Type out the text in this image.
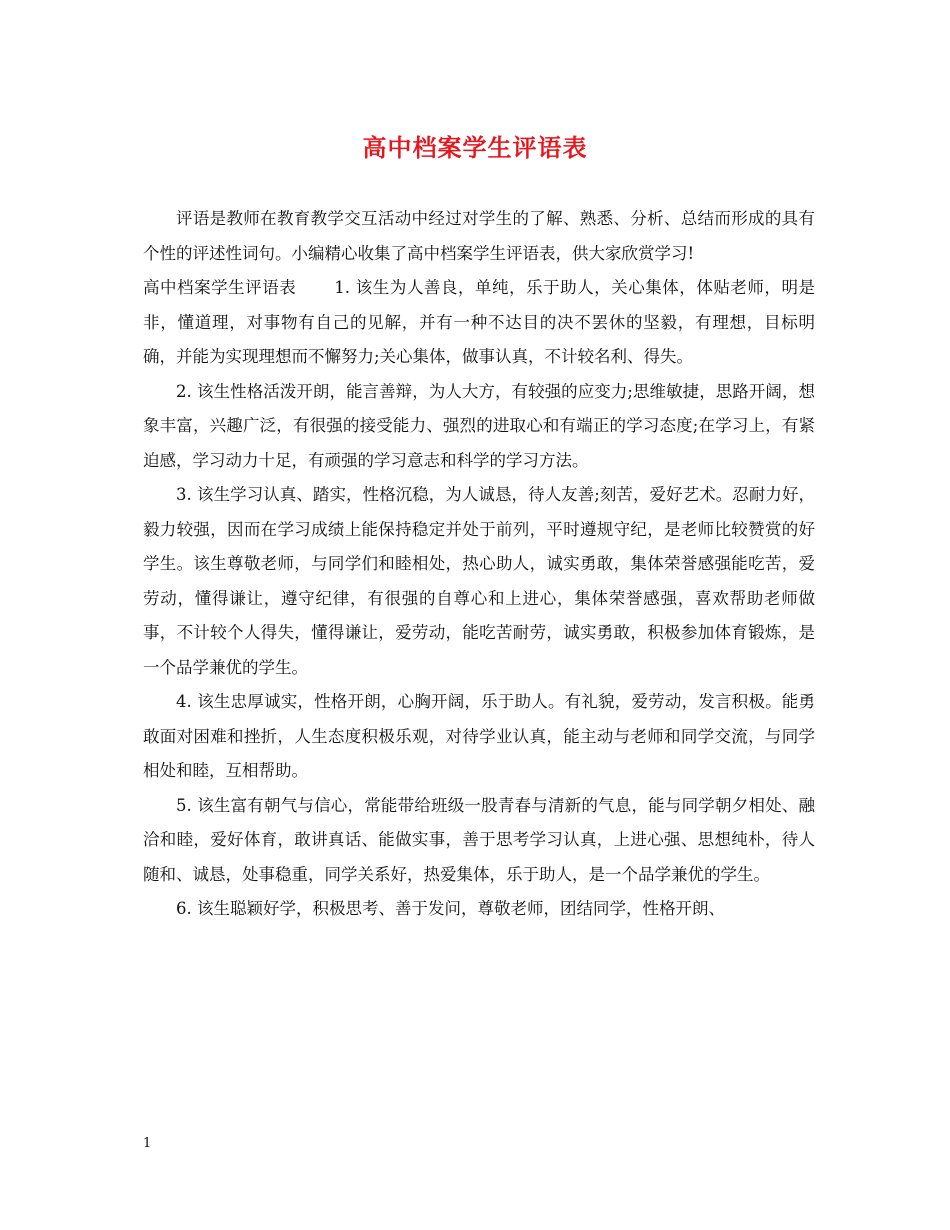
高中档案学生评语表

评语是教师在教育教学交互活动中经过对学生的了解、熟悉、分析、总结而形成的具有个性的评述性词句。小编精心收集了高中档案学生评语表，供大家欣赏学习!

高中档案学生评语表 1. 该生为人善良，单纯，乐于助人，关心集体，体贴老师，明是非，懂道理，对事物有自己的见解，并有一种不达目的决不罢休的坚毅，有理想，目标明确，并能为实现理想而不懈努力;关心集体，做事认真，不计较名利、得失。

2. 该生性格活泼开朗，能言善辩，为人大方，有较强的应变力;思维敏捷，思路开阔，想象丰富，兴趣广泛，有很强的接受能力、强烈的进取心和有端正的学习态度;在学习上，有紧迫感，学习动力十足，有顽强的学习意志和科学的学习方法。

3. 该生学习认真、踏实，性格沉稳，为人诚恳，待人友善;刻苦，爱好艺术。忍耐力好，毅力较强，因而在学习成绩上能保持稳定并处于前列，平时遵规守纪，是老师比较赞赏的好学生。该生尊敬老师，与同学们和睦相处，热心助人，诚实勇敢，集体荣誉感强能吃苦，爱劳动，懂得谦让，遵守纪律，有很强的自尊心和上进心，集体荣誉感强，喜欢帮助老师做事，不计较个人得失，懂得谦让，爱劳动，能吃苦耐劳，诚实勇敢，积极参加体育锻炼，是一个品学兼优的学生。

4. 该生忠厚诚实，性格开朗，心胸开阔，乐于助人。有礼貌，爱劳动，发言积极。能勇敢面对困难和挫折，人生态度积极乐观，对待学业认真，能主动与老师和同学交流，与同学相处和睦，互相帮助。

5. 该生富有朝气与信心，常能带给班级一股青春与清新的气息，能与同学朝夕相处、融洽和睦，爱好体育，敢讲真话、能做实事，善于思考学习认真，上进心强、思想纯朴，待人随和、诚恳，处事稳重，同学关系好，热爱集体，乐于助人，是一个品学兼优的学生。

6. 该生聪颖好学，积极思考、善于发问，尊敬老师，团结同学，性格开朗、

1
